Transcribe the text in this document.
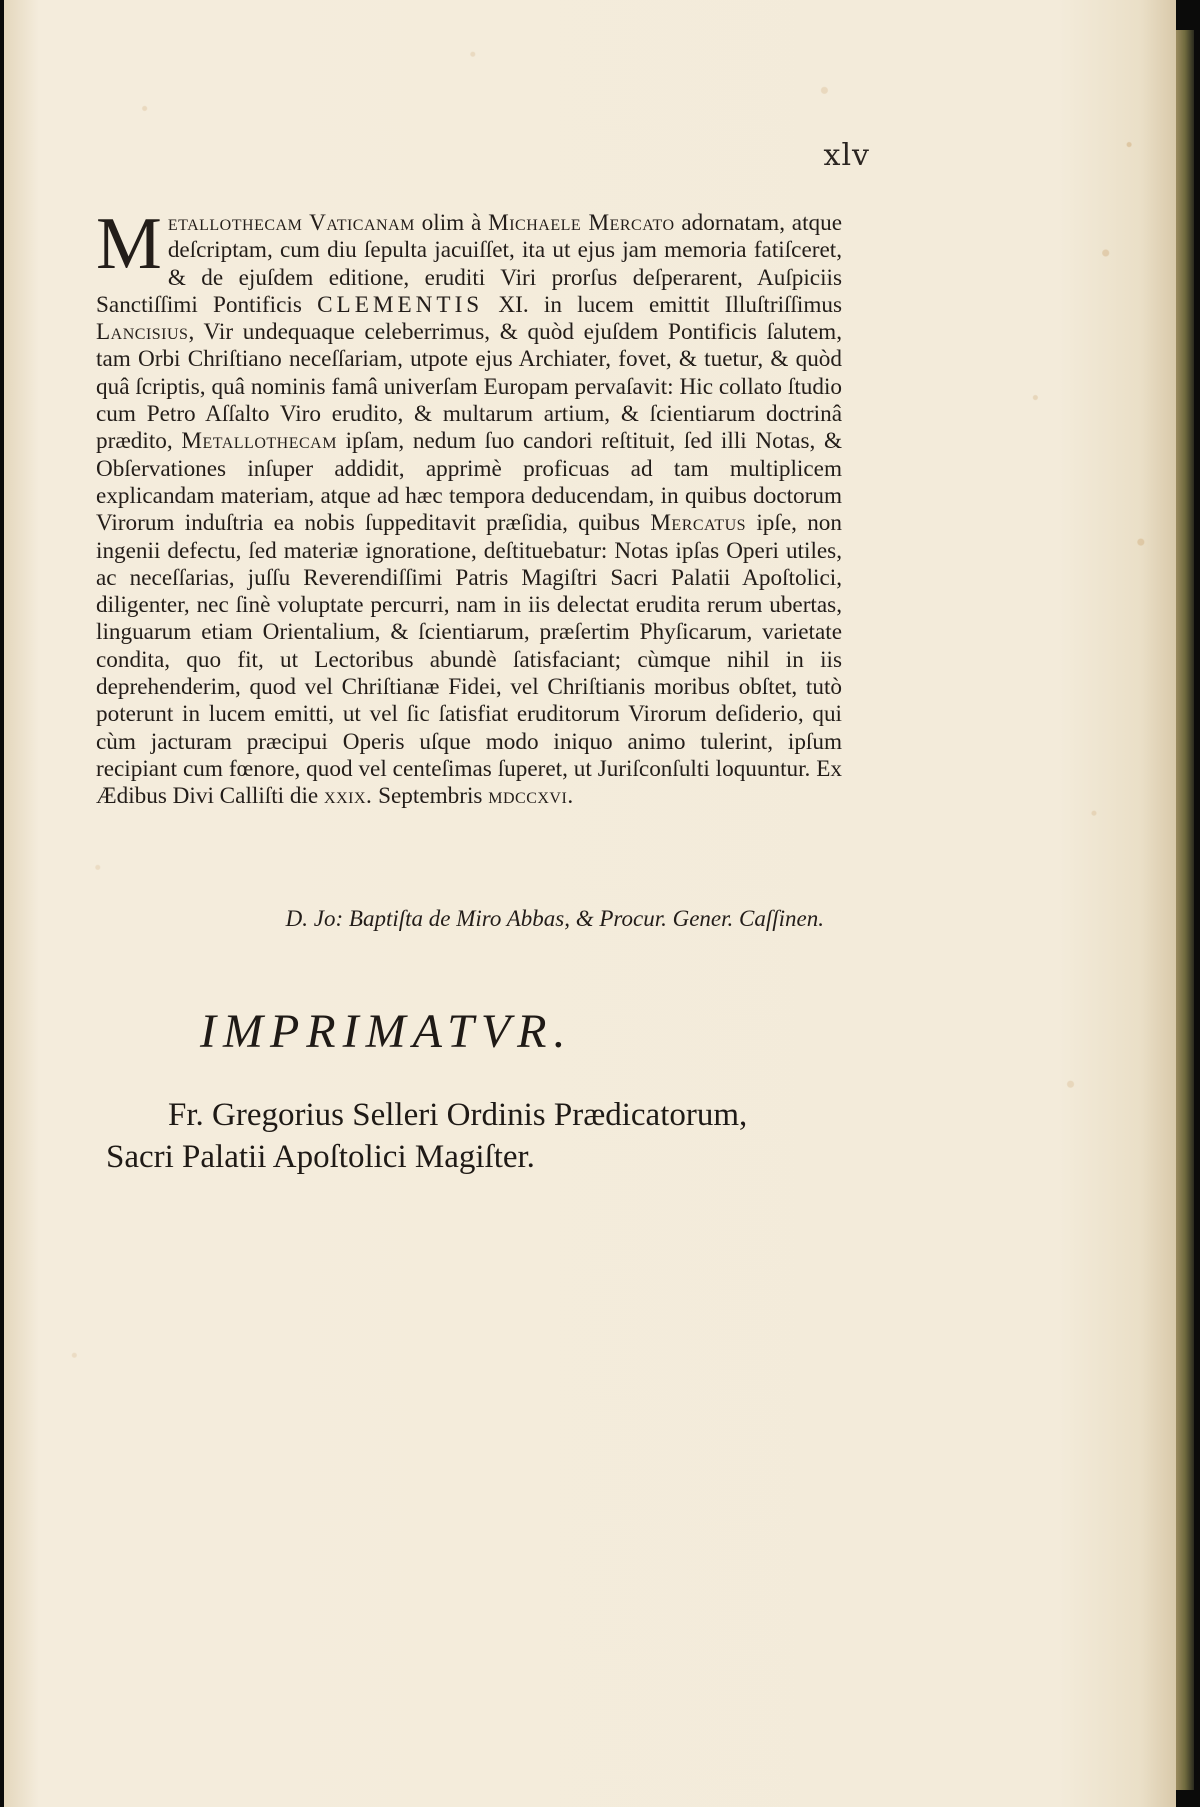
xlv
Metallothecam Vaticanam olim à Michaele Mercato adornatam, atque deſcriptam, cum diu ſepulta jacuiſſet, ita ut ejus jam memoria fatiſceret, & de ejuſdem editione, eruditi Viri prorſus deſperarent, Auſpiciis Sanctiſſimi Pontificis CLEMENTIS XI. in lucem emittit Illuſtriſſimus Lancisius, Vir undequaque celeberrimus, & quòd ejuſdem Pontificis ſalutem, tam Orbi Chriſtiano neceſſariam, utpote ejus Archiater, fovet, & tuetur, & quòd quâ ſcriptis, quâ nominis famâ univerſam Europam pervaſavit: Hic collato ſtudio cum Petro Aſſalto Viro erudito, & multarum artium, & ſcientiarum doctrinâ prædito, Metallothecam ipſam, nedum ſuo candori reſtituit, ſed illi Notas, & Obſervationes inſuper addidit, apprimè proficuas ad tam multiplicem explicandam materiam, atque ad hæc tempora deducendam, in quibus doctorum Virorum induſtria ea nobis ſuppeditavit præſidia, quibus Mercatus ipſe, non ingenii defectu, ſed materiæ ignoratione, deſtituebatur: Notas ipſas Operi utiles, ac neceſſarias, juſſu Reverendiſſimi Patris Magiſtri Sacri Palatii Apoſtolici, diligenter, nec ſinè voluptate percurri, nam in iis delectat erudita rerum ubertas, linguarum etiam Orientalium, & ſcientiarum, præſertim Phyſicarum, varietate condita, quo fit, ut Lectoribus abundè ſatisfaciant; cùmque nihil in iis deprehenderim, quod vel Chriſtianæ Fidei, vel Chriſtianis moribus obſtet, tutò poterunt in lucem emitti, ut vel ſic ſatisfiat eruditorum Virorum deſiderio, qui cùm jacturam præcipui Operis uſque modo iniquo animo tulerint, ipſum recipiant cum fœnore, quod vel centeſimas ſuperet, ut Juriſconſulti loquuntur. Ex Ædibus Divi Calliſti die xxix. Septembris mdccxvi.
D. Jo: Baptiſta de Miro Abbas, & Procur. Gener. Caſſinen.
IMPRIMATVR.
Fr. Gregorius Selleri Ordinis Prædicatorum,
Sacri Palatii Apoſtolici Magiſter.
